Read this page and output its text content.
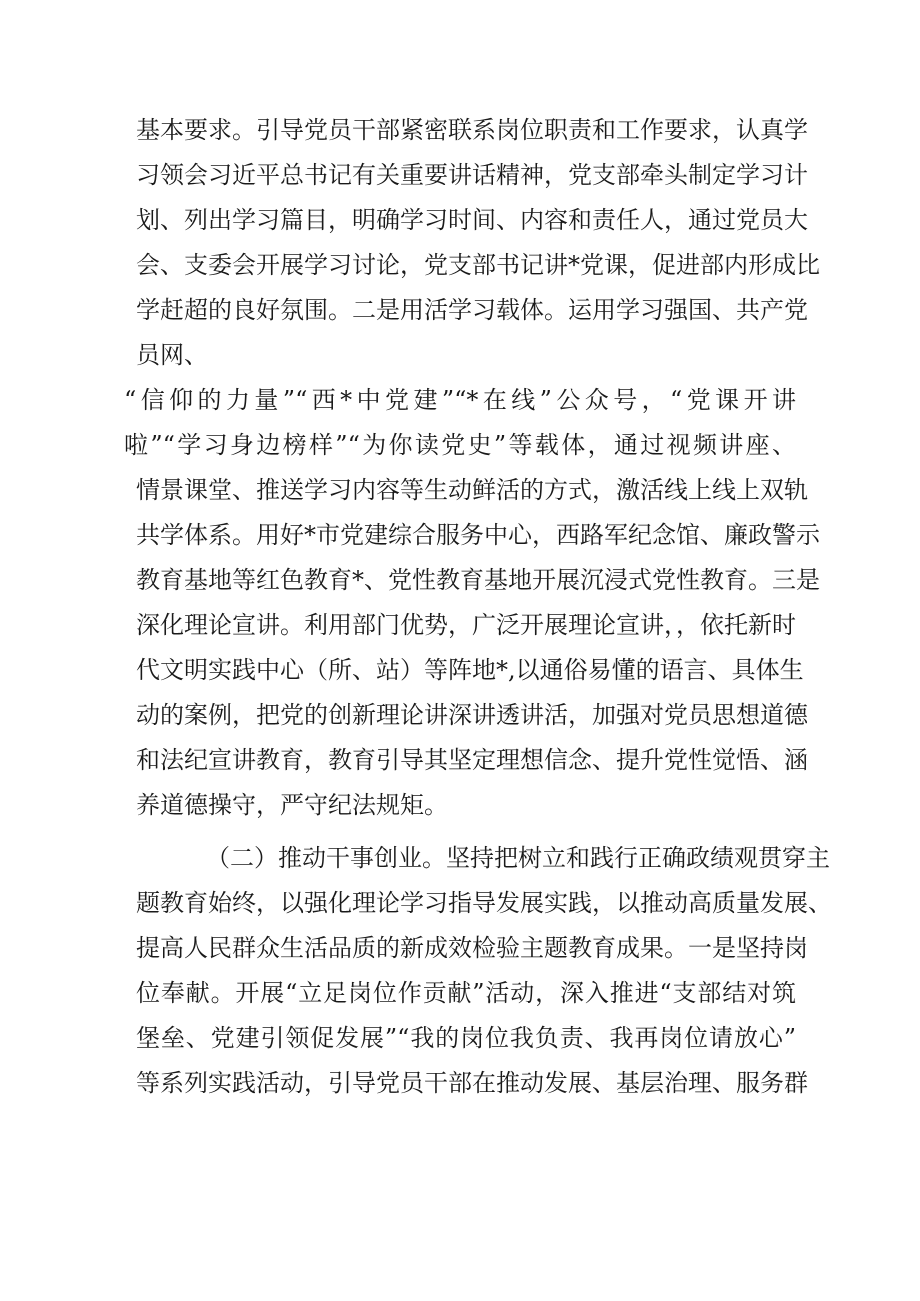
基本要求。引导党员干部紧密联系岗位职责和工作要求，认真学
习领会习近平总书记有关重要讲话精神，党支部牵头制定学习计
划、列出学习篇目，明确学习时间、内容和责任人，通过党员大
会、支委会开展学习讨论，党支部书记讲*党课，促进部内形成比
学赶超的良好氛围。二是用活学习载体。运用学习强国、共产党
员网、
“信仰的力量”“西*中党建”“*在线”公众号，“党课开讲
啦”“学习身边榜样”“为你读党史”等载体，通过视频讲座、
情景课堂、推送学习内容等生动鲜活的方式，激活线上线上双轨
共学体系。用好*市党建综合服务中心，西路军纪念馆、廉政警示
教育基地等红色教育*、党性教育基地开展沉浸式党性教育。三是
深化理论宣讲。利用部门优势，广泛开展理论宣讲，，依托新时
代文明实践中心（所、站）等阵地*,以通俗易懂的语言、具体生
动的案例，把党的创新理论讲深讲透讲活，加强对党员思想道德
和法纪宣讲教育，教育引导其坚定理想信念、提升党性觉悟、涵
养道德操守，严守纪法规矩。
（二）推动干事创业。坚持把树立和践行正确政绩观贯穿主
题教育始终，以强化理论学习指导发展实践，以推动高质量发展、
提高人民群众生活品质的新成效检验主题教育成果。一是坚持岗
位奉献。开展“立足岗位作贡献”活动，深入推进“支部结对筑
堡垒、党建引领促发展”“我的岗位我负责、我再岗位请放心”
等系列实践活动，引导党员干部在推动发展、基层治理、服务群
